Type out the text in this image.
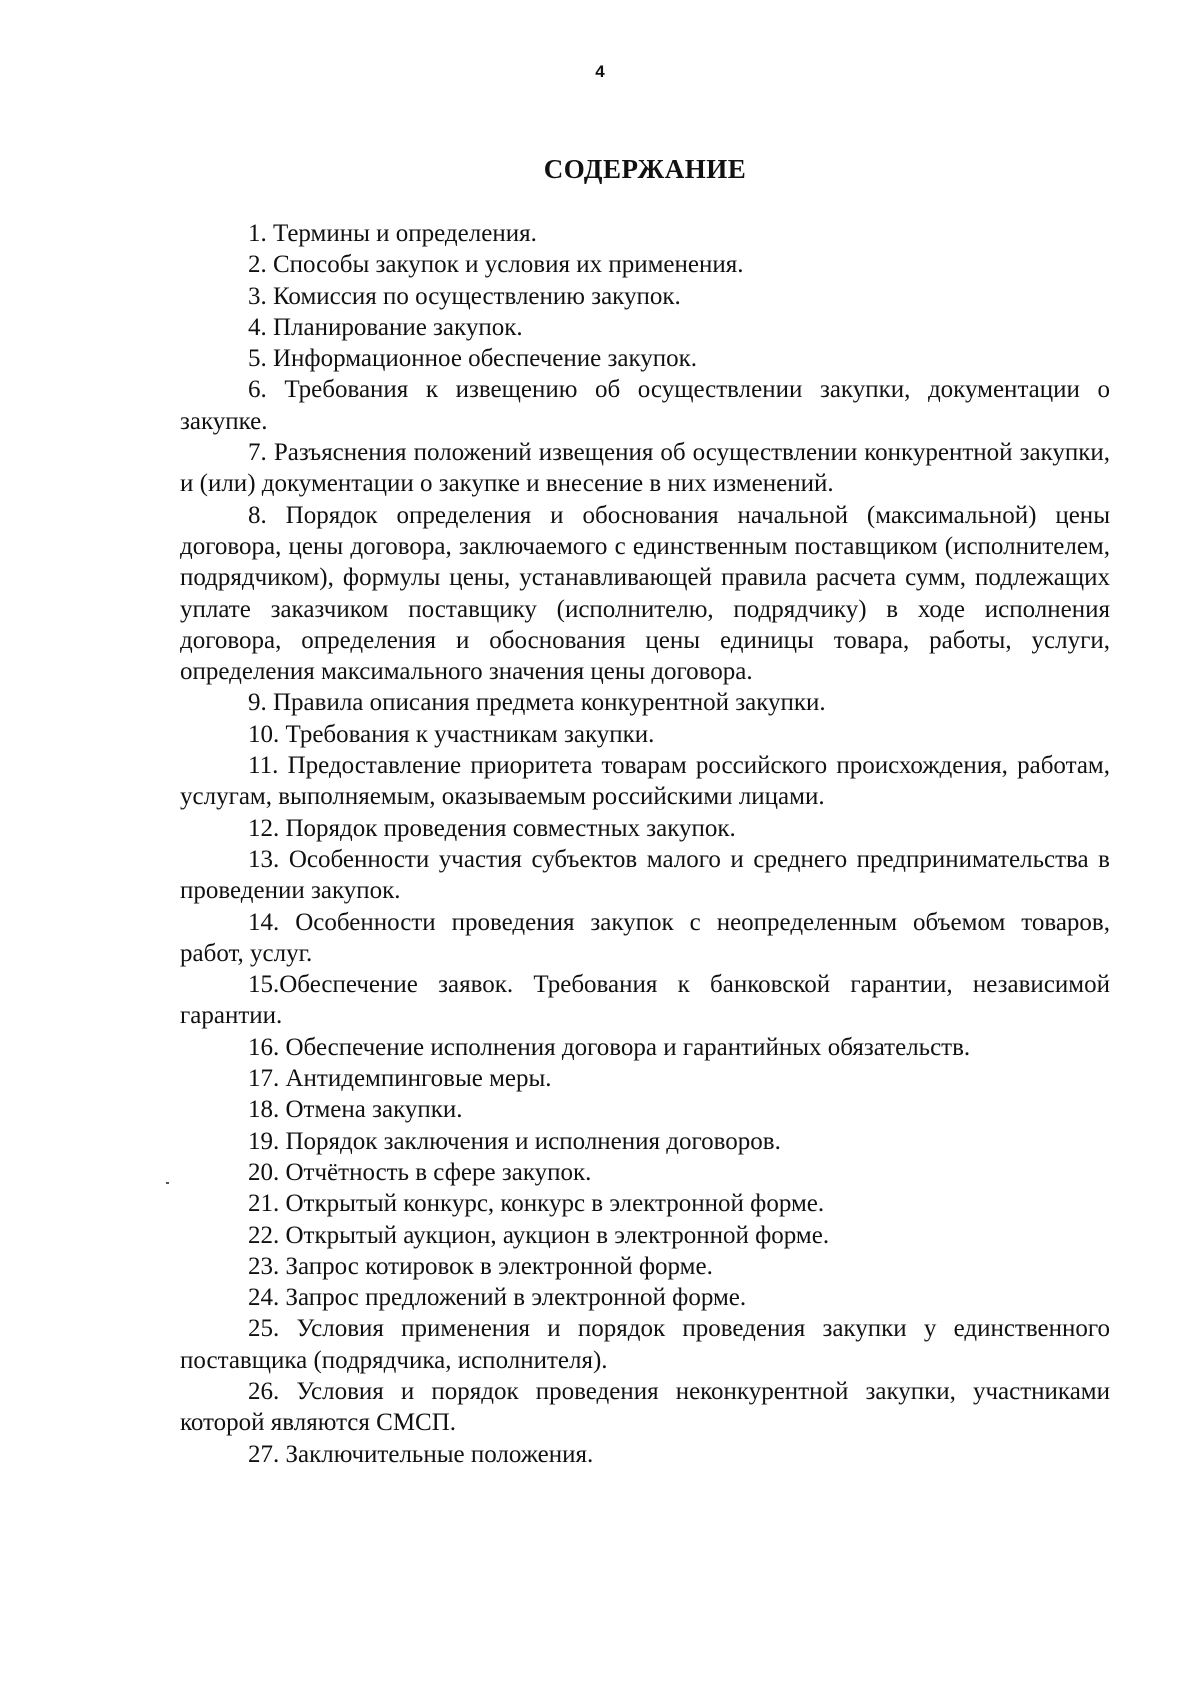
4
СОДЕРЖАНИЕ

1. Термины и определения.

2. Способы закупок и условия их применения.

3. Комиссия по осуществлению закупок.

4. Планирование закупок.

5. Информационное обеспечение закупок.

6. Требования к извещению об осуществлении закупки, документации о закупке.

7. Разъяснения положений извещения об осуществлении конкурентной закупки, и (или) документации о закупке и внесение в них изменений.

8. Порядок определения и обоснования начальной (максимальной) цены договора, цены договора, заключаемого с единственным поставщиком (исполнителем, подрядчиком), формулы цены, устанавливающей правила расчета сумм, подлежащих уплате заказчиком поставщику (исполнителю, подрядчику) в ходе исполнения договора, определения и обоснования цены единицы товара, работы, услуги, определения максимального значения цены договора.

9. Правила описания предмета конкурентной закупки.

10. Требования к участникам закупки.

11. Предоставление приоритета товарам российского происхождения, работам, услугам, выполняемым, оказываемым российскими лицами.

12. Порядок проведения совместных закупок.

13. Особенности участия субъектов малого и среднего предпринимательства в проведении закупок.

14. Особенности проведения закупок с неопределенным объемом товаров, работ, услуг.

15.Обеспечение заявок. Требования к банковской гарантии, независимой гарантии.

16. Обеспечение исполнения договора и гарантийных обязательств.

17. Антидемпинговые меры.

18. Отмена закупки.

19. Порядок заключения и исполнения договоров.

20. Отчётность в сфере закупок.

21. Открытый конкурс, конкурс в электронной форме.

22. Открытый аукцион, аукцион в электронной форме.

23. Запрос котировок в электронной форме.

24. Запрос предложений в электронной форме.

25. Условия применения и порядок проведения закупки у единственного поставщика (подрядчика, исполнителя).

26. Условия и порядок проведения неконкурентной закупки, участниками которой являются СМСП.

27. Заключительные положения.
